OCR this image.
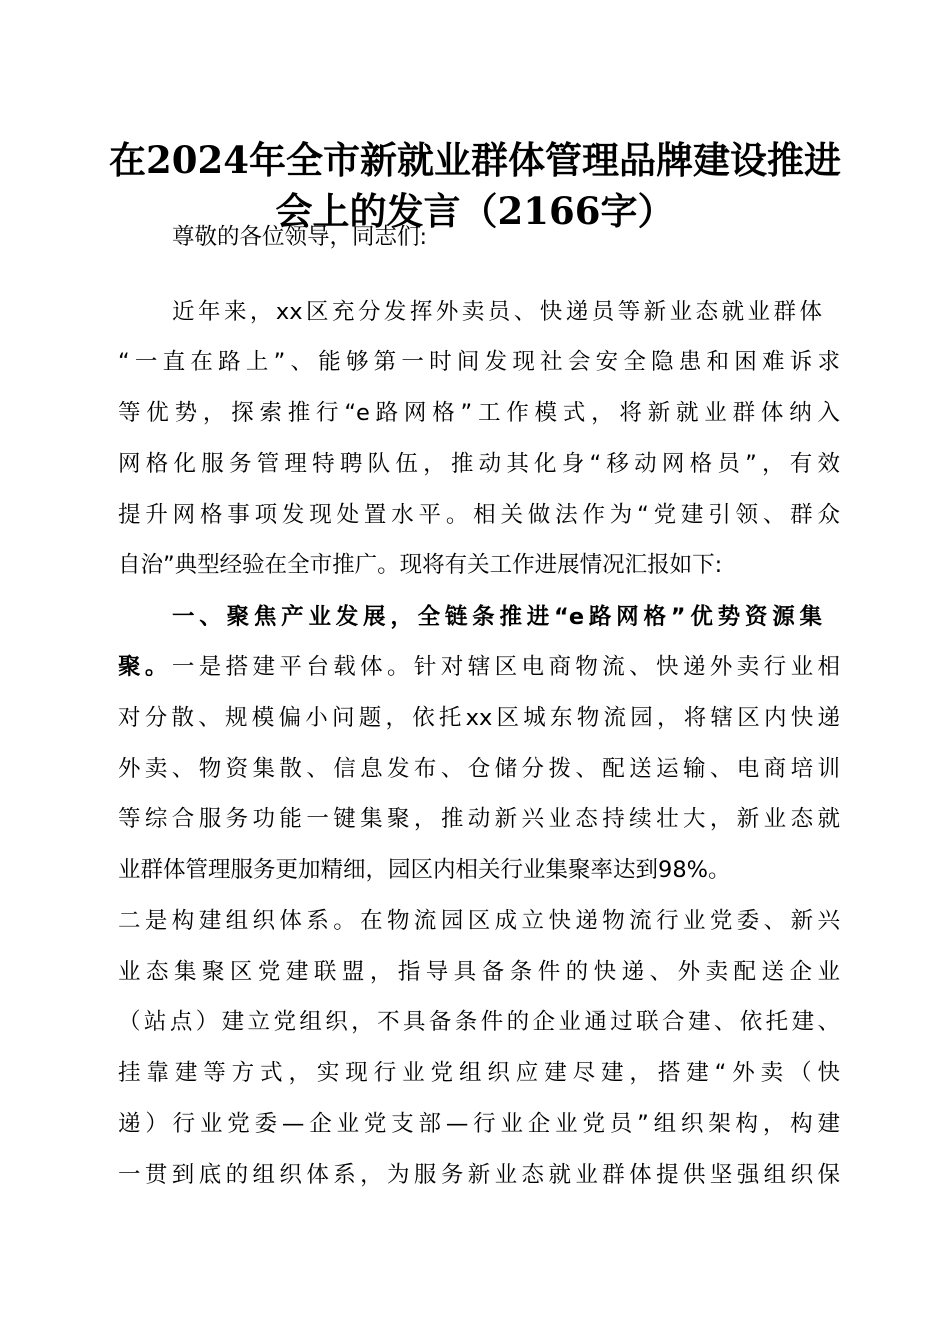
在2024年全市新就业群体管理品牌建设推进
会上的发言（2166字）
尊敬的各位领导，同志们:
近年来，xx区充分发挥外卖员、快递员等新业态就业群体
“一直在路上”、能够第一时间发现社会安全隐患和困难诉求
等优势，探索推行“e路网格”工作模式，将新就业群体纳入
网格化服务管理特聘队伍，推动其化身“移动网格员”，有效
提升网格事项发现处置水平。相关做法作为“党建引领、群众
自治”典型经验在全市推广。现将有关工作进展情况汇报如下:
一、聚焦产业发展，全链条推进“e路网格”优势资源集
聚。一是搭建平台载体。针对辖区电商物流、快递外卖行业相
对分散、规模偏小问题，依托xx区城东物流园，将辖区内快递
外卖、物资集散、信息发布、仓储分拨、配送运输、电商培训
等综合服务功能一键集聚，推动新兴业态持续壮大，新业态就
业群体管理服务更加精细，园区内相关行业集聚率达到98%。
二是构建组织体系。在物流园区成立快递物流行业党委、新兴
业态集聚区党建联盟，指导具备条件的快递、外卖配送企业
（站点）建立党组织，不具备条件的企业通过联合建、依托建、
挂靠建等方式，实现行业党组织应建尽建，搭建“外卖（快
递）行业党委—企业党支部—行业企业党员”组织架构，构建
一贯到底的组织体系，为服务新业态就业群体提供坚强组织保
